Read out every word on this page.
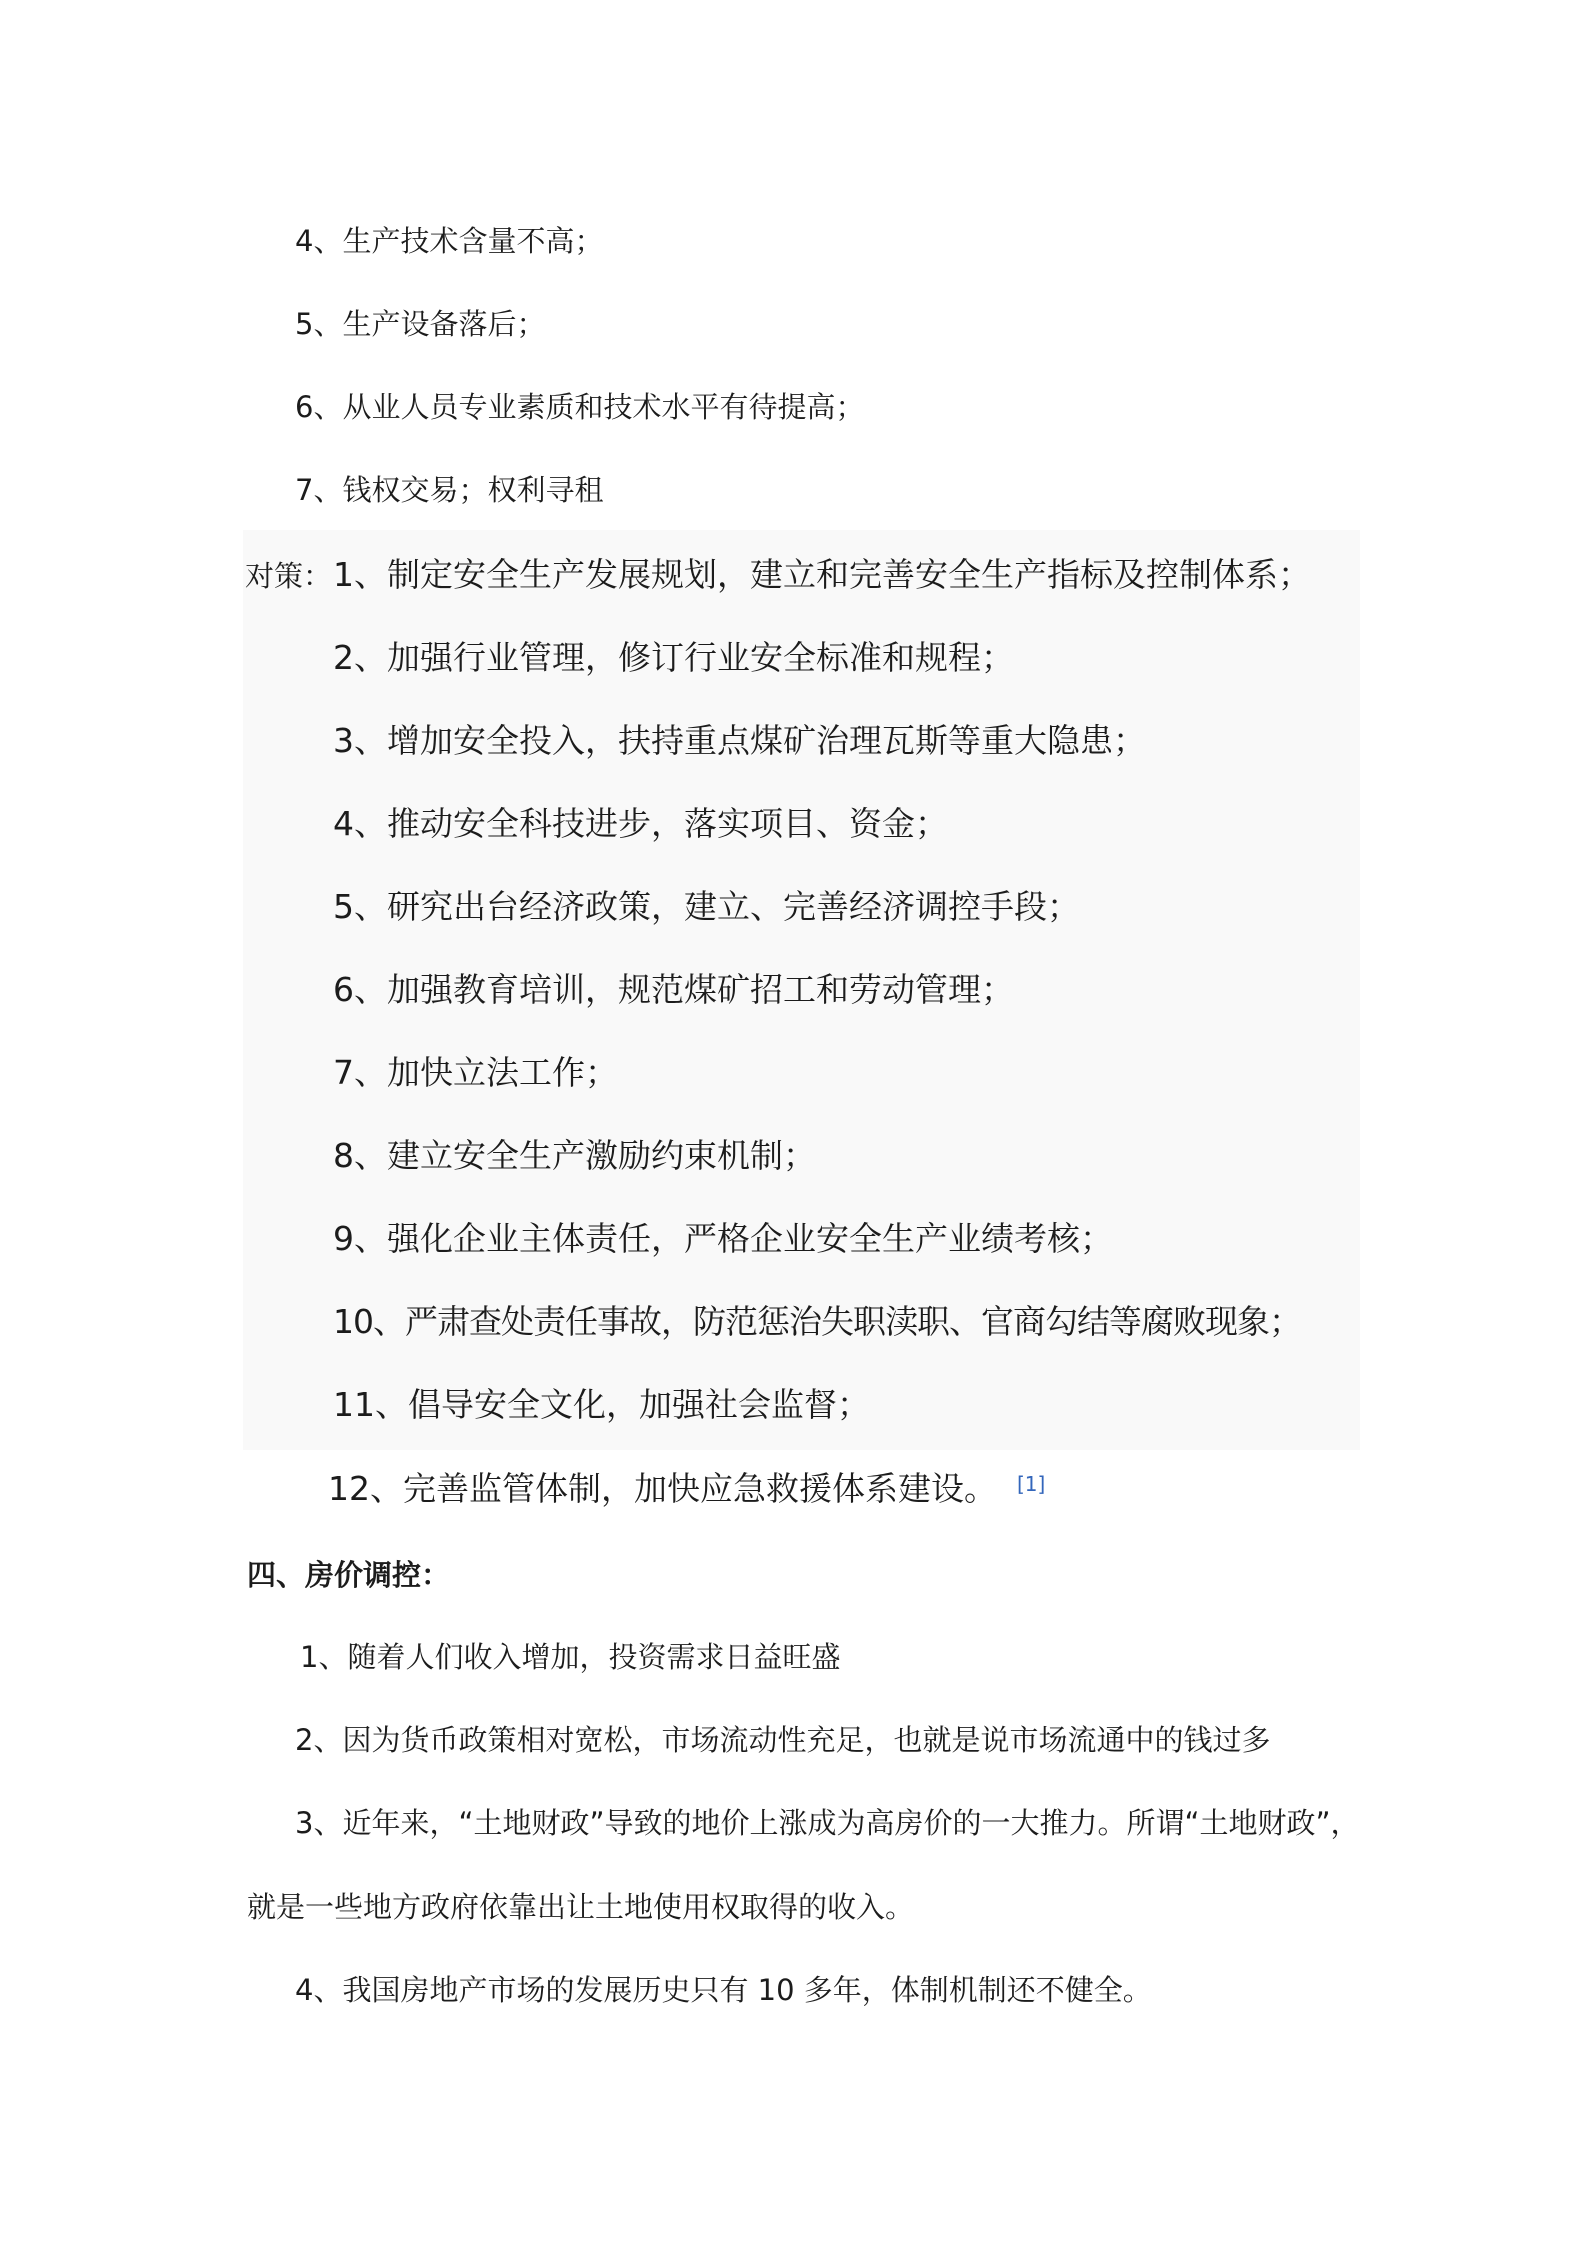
4、生产技术含量不高；
5、生产设备落后；
6、从业人员专业素质和技术水平有待提高；
7、钱权交易；权利寻租
对策： 1、制定安全生产发展规划，建立和完善安全生产指标及控制体系；
2、加强行业管理，修订行业安全标准和规程；
3、增加安全投入，扶持重点煤矿治理瓦斯等重大隐患；
4、推动安全科技进步，落实项目、资金；
5、研究出台经济政策，建立、完善经济调控手段；
6、加强教育培训，规范煤矿招工和劳动管理；
7、加快立法工作；
8、建立安全生产激励约束机制；
9、强化企业主体责任，严格企业安全生产业绩考核；
10、严肃查处责任事故，防范惩治失职渎职、官商勾结等腐败现象；
11、倡导安全文化，加强社会监督；
12、完善监管体制，加快应急救援体系建设。 [1]
四、房价调控：
1、随着人们收入增加，投资需求日益旺盛
2、因为货币政策相对宽松，市场流动性充足，也就是说市场流通中的钱过多
3、近年来，“土地财政”导致的地价上涨成为高房价的一大推力。所谓“土地财政”，
就是一些地方政府依靠出让土地使用权取得的收入。
4、我国房地产市场的发展历史只有 10 多年，体制机制还不健全。
